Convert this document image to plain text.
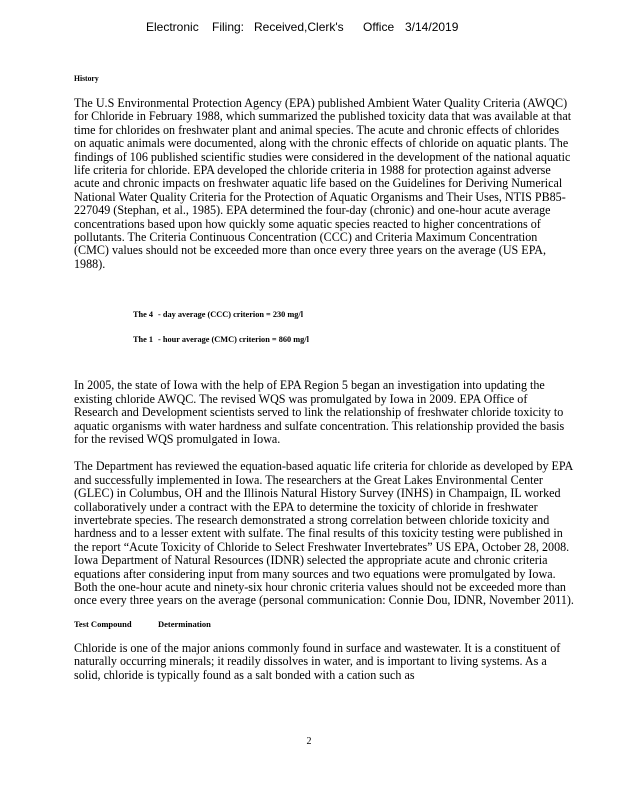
Electronic Filing: Received,Clerk's Office 3/14/2019

History

The U.S Environmental Protection Agency (EPA) published Ambient Water Quality Criteria (AWQC) for Chloride in February 1988, which summarized the published toxicity data that was available at that time for chlorides on freshwater plant and animal species. The acute and chronic effects of chlorides on aquatic animals were documented, along with the chronic effects of chloride on aquatic plants. The findings of 106 published scientific studies were considered in the development of the national aquatic life criteria for chloride. EPA developed the chloride criteria in 1988 for protection against adverse acute and chronic impacts on freshwater aquatic life based on the Guidelines for Deriving Numerical National Water Quality Criteria for the Protection of Aquatic Organisms and Their Uses, NTIS PB85-227049 (Stephan, et al., 1985). EPA determined the four-day (chronic) and one-hour acute average concentrations based upon how quickly some aquatic species reacted to higher concentrations of pollutants. The Criteria Continuous Concentration (CCC) and Criteria Maximum Concentration (CMC) values should not be exceeded more than once every three years on the average (US EPA, 1988).

The 4 - day average (CCC) criterion = 230 mg/l

The 1 - hour average (CMC) criterion = 860 mg/l

In 2005, the state of Iowa with the help of EPA Region 5 began an investigation into updating the existing chloride AWQC. The revised WQS was promulgated by Iowa in 2009. EPA Office of Research and Development scientists served to link the relationship of freshwater chloride toxicity to aquatic organisms with water hardness and sulfate concentration. This relationship provided the basis for the revised WQS promulgated in Iowa.

The Department has reviewed the equation-based aquatic life criteria for chloride as developed by EPA and successfully implemented in Iowa. The researchers at the Great Lakes Environmental Center (GLEC) in Columbus, OH and the Illinois Natural History Survey (INHS) in Champaign, IL worked collaboratively under a contract with the EPA to determine the toxicity of chloride in freshwater invertebrate species. The research demonstrated a strong correlation between chloride toxicity and hardness and to a lesser extent with sulfate. The final results of this toxicity testing were published in the report “Acute Toxicity of Chloride to Select Freshwater Invertebrates” US EPA, October 28, 2008. Iowa Department of Natural Resources (IDNR) selected the appropriate acute and chronic criteria equations after considering input from many sources and two equations were promulgated by Iowa. Both the one-hour acute and ninety-six hour chronic criteria values should not be exceeded more than once every three years on the average (personal communication: Connie Dou, IDNR, November 2011).

Test Compound	Determination

Chloride is one of the major anions commonly found in surface and wastewater. It is a constituent of naturally occurring minerals; it readily dissolves in water, and is important to living systems. As a solid, chloride is typically found as a salt bonded with a cation such as

2
